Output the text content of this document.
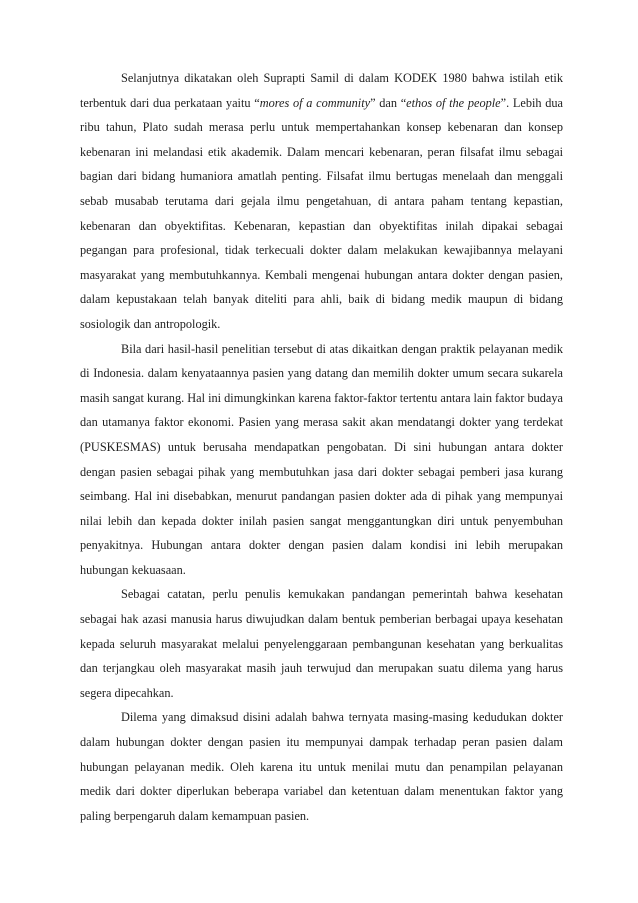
Selanjutnya dikatakan oleh Suprapti Samil di dalam KODEK 1980 bahwa istilah etik terbentuk dari dua perkataan yaitu “mores of a community” dan “ethos of the people”. Lebih dua ribu tahun, Plato sudah merasa perlu untuk mempertahankan konsep kebenaran dan konsep kebenaran ini melandasi etik akademik. Dalam mencari kebenaran, peran filsafat ilmu sebagai bagian dari bidang humaniora amatlah penting. Filsafat ilmu bertugas menelaah dan menggali sebab musabab terutama dari gejala ilmu pengetahuan, di antara paham tentang kepastian, kebenaran dan obyektifitas. Kebenaran, kepastian dan obyektifitas inilah dipakai sebagai pegangan para profesional, tidak terkecuali dokter dalam melakukan kewajibannya melayani masyarakat yang membutuhkannya. Kembali mengenai hubungan antara dokter dengan pasien, dalam kepustakaan telah banyak diteliti para ahli, baik di bidang medik maupun di bidang sosiologik dan antropologik.

Bila dari hasil-hasil penelitian tersebut di atas dikaitkan dengan praktik pelayanan medik di Indonesia. dalam kenyataannya pasien yang datang dan memilih dokter umum secara sukarela masih sangat kurang. Hal ini dimungkinkan karena faktor-faktor tertentu antara lain faktor budaya dan utamanya faktor ekonomi. Pasien yang merasa sakit akan mendatangi dokter yang terdekat (PUSKESMAS) untuk berusaha mendapatkan pengobatan. Di sini hubungan antara dokter dengan pasien sebagai pihak yang membutuhkan jasa dari dokter sebagai pemberi jasa kurang seimbang. Hal ini disebabkan, menurut pandangan pasien dokter ada di pihak yang mempunyai nilai lebih dan kepada dokter inilah pasien sangat menggantungkan diri untuk penyembuhan penyakitnya. Hubungan antara dokter dengan pasien dalam kondisi ini lebih merupakan hubungan kekuasaan.

Sebagai catatan, perlu penulis kemukakan pandangan pemerintah bahwa kesehatan sebagai hak azasi manusia harus diwujudkan dalam bentuk pemberian berbagai upaya kesehatan kepada seluruh masyarakat melalui penyelenggaraan pembangunan kesehatan yang berkualitas dan terjangkau oleh masyarakat masih jauh terwujud dan merupakan suatu dilema yang harus segera dipecahkan.

Dilema yang dimaksud disini adalah bahwa ternyata masing-masing kedudukan dokter dalam hubungan dokter dengan pasien itu mempunyai dampak terhadap peran pasien dalam hubungan pelayanan medik. Oleh karena itu untuk menilai mutu dan penampilan pelayanan medik dari dokter diperlukan beberapa variabel dan ketentuan dalam menentukan faktor yang paling berpengaruh dalam kemampuan pasien.
